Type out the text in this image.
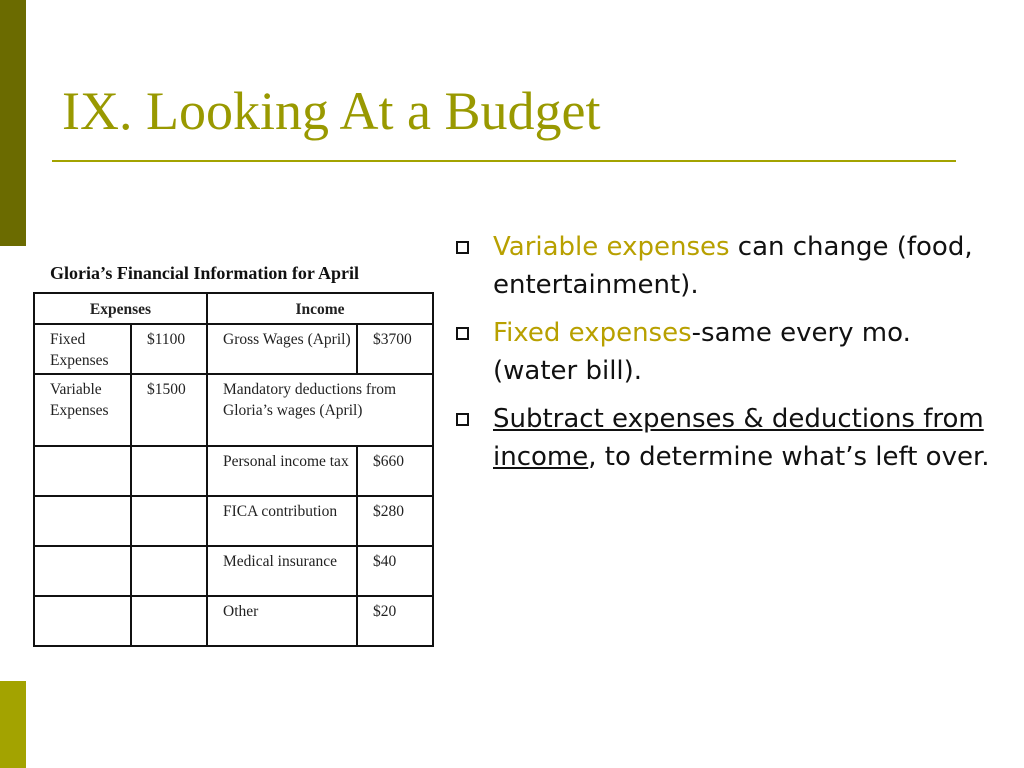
IX. Looking At a Budget
Gloria’s Financial Information for April
Expenses		Income	
Fixed Expenses	$1100	Gross Wages (April)	$3700
Variable Expenses	$1500	Mandatory deductions from Gloria’s wages (April)	
		Personal income tax	$660
		FICA contribution	$280
		Medical insurance	$40
		Other	$20
Variable expenses can change (food, entertainment).
Fixed expenses-same every mo. (water bill).
Subtract expenses & deductions from income, to determine what’s left over.
